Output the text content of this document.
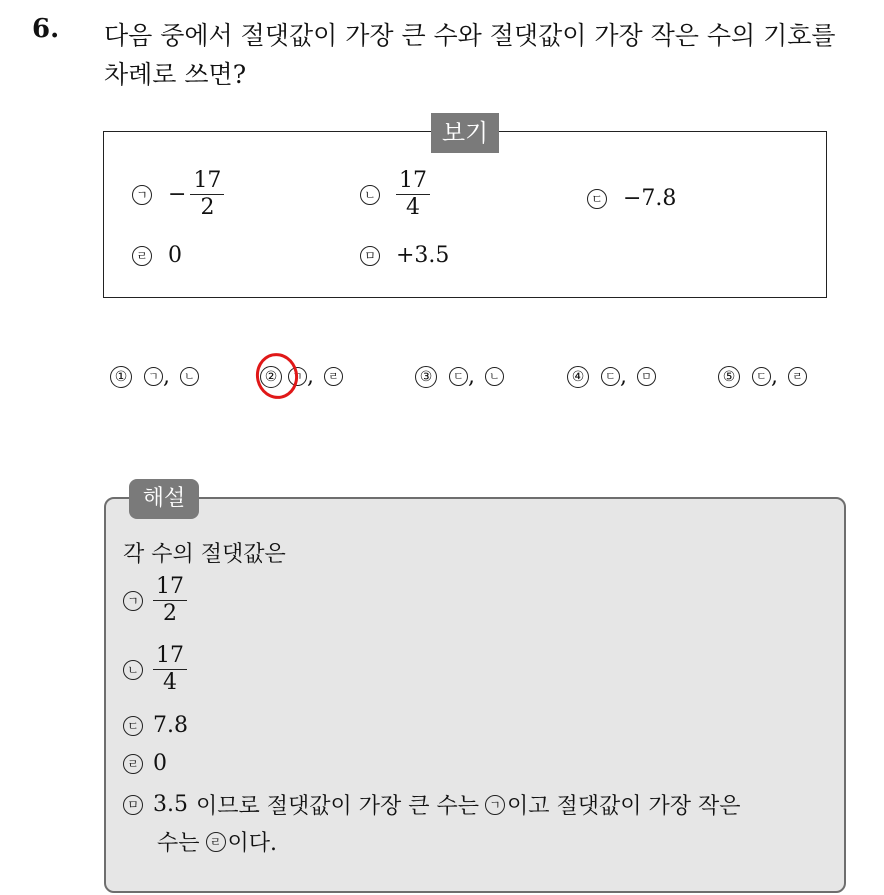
6. 다음 중에서 절댓값이 가장 큰 수와 절댓값이 가장 작은 수의 기호를
차례로 쓰면?
보기
ㄱ − $\frac{17}{2}$	ㄴ $\frac{17}{4}$	ㄷ −7.8
ㄹ 0	ㅁ +3.5
①	ㄱ ,	ㄴ	②	ㄱ ,	ㄹ	③	ㄷ ,	ㄴ	④	ㄷ ,	ㅁ	⑤	ㄷ ,	ㄹ
해설
각 수의 절댓값은
ㄱ $\frac{17}{2}$
ㄴ $\frac{17}{4}$
ㄷ 7.8
ㄹ 0
ㅁ 3.5 이므로 절댓값이 가장 큰 수는 ㄱ 이고 절댓값이 가장 작은
수는 ㄹ 이다.
